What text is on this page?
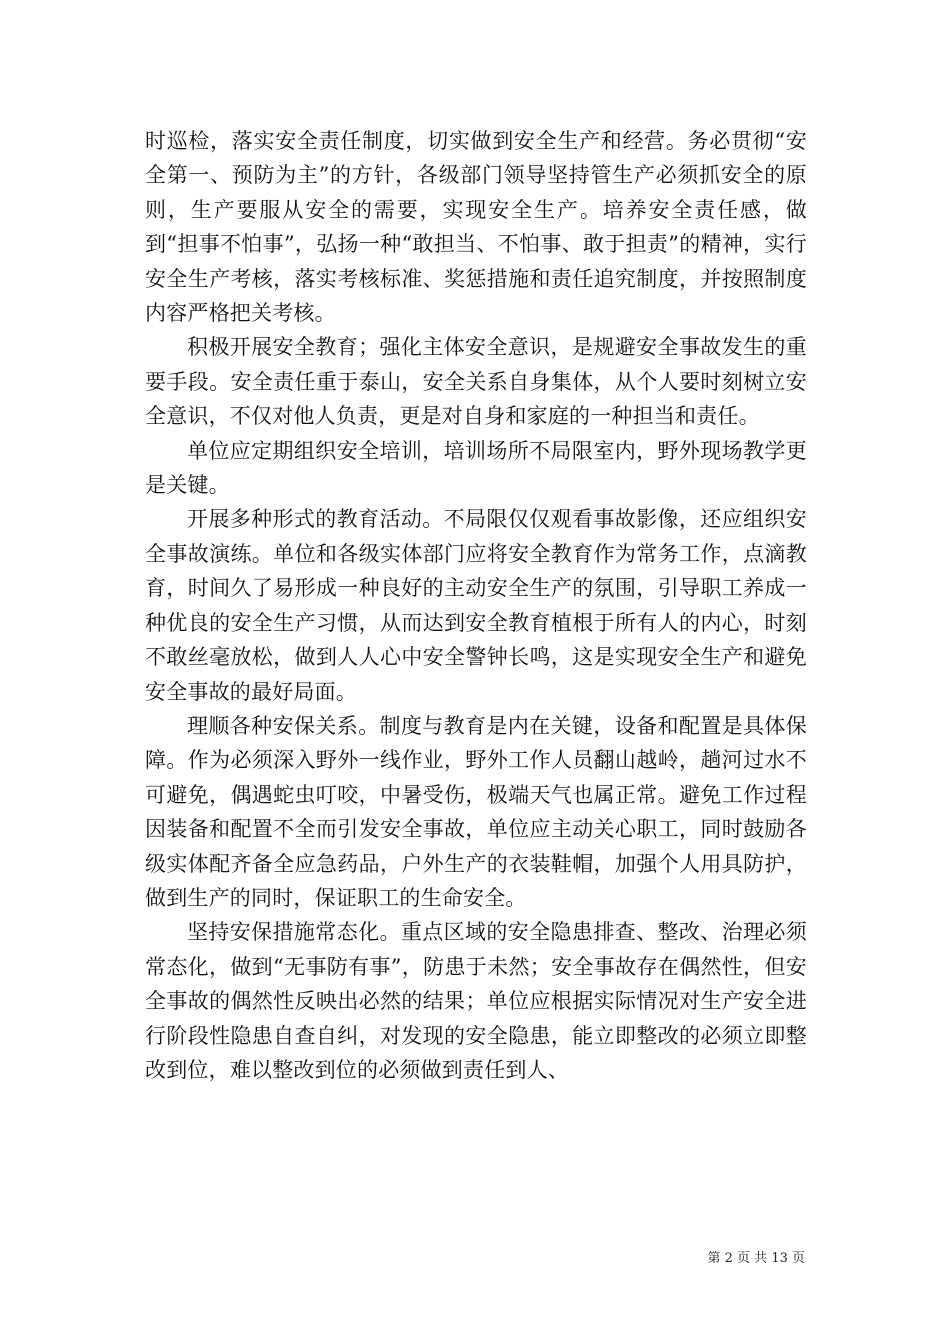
时巡检，落实安全责任制度，切实做到安全生产和经营。务必贯彻“安全第一、预防为主”的方针，各级部门领导坚持管生产必须抓安全的原则，生产要服从安全的需要，实现安全生产。培养安全责任感，做到“担事不怕事”，弘扬一种“敢担当、不怕事、敢于担责”的精神，实行安全生产考核，落实考核标准、奖惩措施和责任追究制度，并按照制度内容严格把关考核。

积极开展安全教育；强化主体安全意识，是规避安全事故发生的重要手段。安全责任重于泰山，安全关系自身集体，从个人要时刻树立安全意识，不仅对他人负责，更是对自身和家庭的一种担当和责任。

单位应定期组织安全培训，培训场所不局限室内，野外现场教学更是关键。

开展多种形式的教育活动。不局限仅仅观看事故影像，还应组织安全事故演练。单位和各级实体部门应将安全教育作为常务工作，点滴教育，时间久了易形成一种良好的主动安全生产的氛围，引导职工养成一种优良的安全生产习惯，从而达到安全教育植根于所有人的内心，时刻不敢丝毫放松，做到人人心中安全警钟长鸣，这是实现安全生产和避免安全事故的最好局面。

理顺各种安保关系。制度与教育是内在关键，设备和配置是具体保障。作为必须深入野外一线作业，野外工作人员翻山越岭，趟河过水不可避免，偶遇蛇虫叮咬，中暑受伤，极端天气也属正常。避免工作过程因装备和配置不全而引发安全事故，单位应主动关心职工，同时鼓励各级实体配齐备全应急药品，户外生产的衣装鞋帽，加强个人用具防护，做到生产的同时，保证职工的生命安全。

坚持安保措施常态化。重点区域的安全隐患排查、整改、治理必须常态化，做到“无事防有事”，防患于未然；安全事故存在偶然性，但安全事故的偶然性反映出必然的结果；单位应根据实际情况对生产安全进行阶段性隐患自查自纠，对发现的安全隐患，能立即整改的必须立即整改到位，难以整改到位的必须做到责任到人、

第 2 页 共 13 页
